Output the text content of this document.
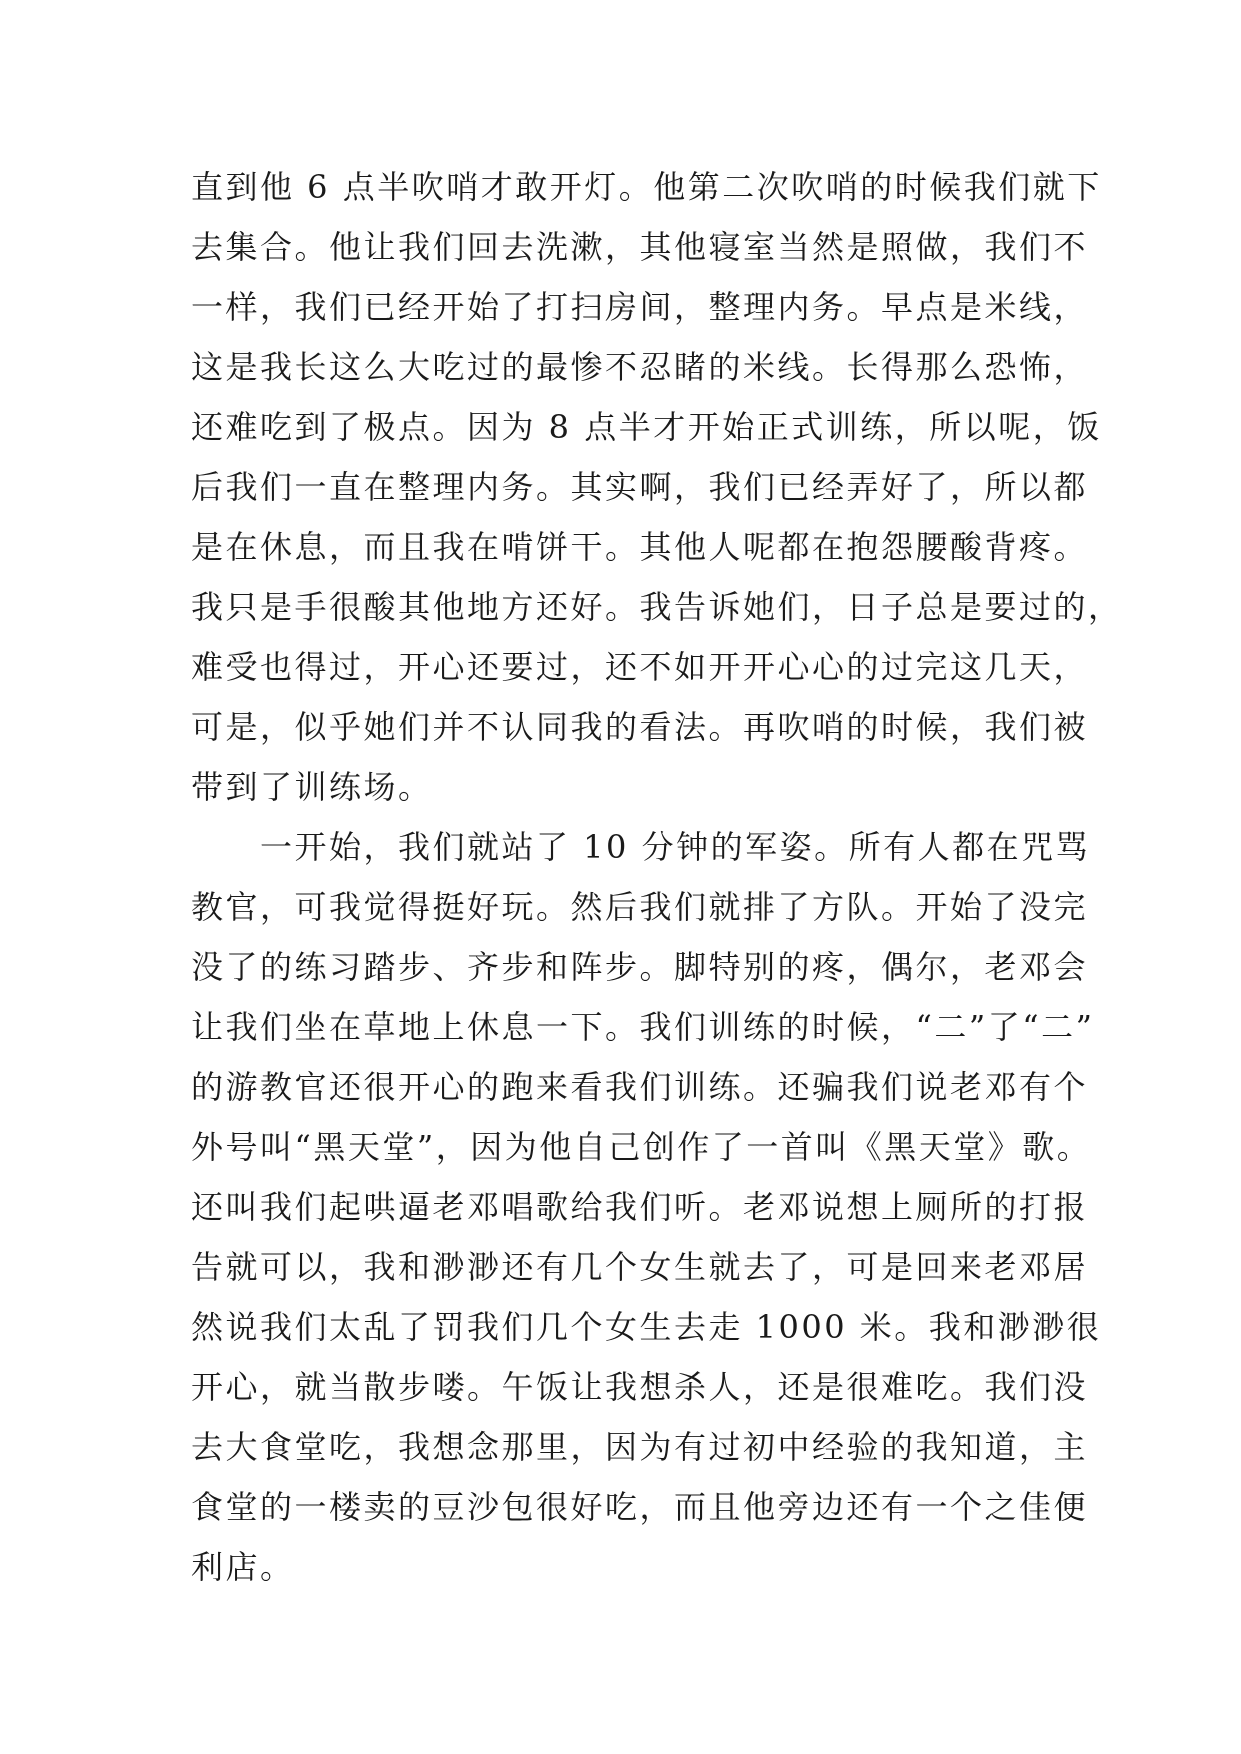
直到他 6 点半吹哨才敢开灯。他第二次吹哨的时候我们就下
去集合。他让我们回去洗漱，其他寝室当然是照做，我们不
一样，我们已经开始了打扫房间，整理内务。早点是米线，
这是我长这么大吃过的最惨不忍睹的米线。长得那么恐怖，
还难吃到了极点。因为 8 点半才开始正式训练，所以呢，饭
后我们一直在整理内务。其实啊，我们已经弄好了，所以都
是在休息，而且我在啃饼干。其他人呢都在抱怨腰酸背疼。
我只是手很酸其他地方还好。我告诉她们，日子总是要过的，
难受也得过，开心还要过，还不如开开心心的过完这几天，
可是，似乎她们并不认同我的看法。再吹哨的时候，我们被
带到了训练场。
一开始，我们就站了 10 分钟的军姿。所有人都在咒骂
教官，可我觉得挺好玩。然后我们就排了方队。开始了没完
没了的练习踏步、齐步和阵步。脚特别的疼，偶尔，老邓会
让我们坐在草地上休息一下。我们训练的时候，“二”了“二”
的游教官还很开心的跑来看我们训练。还骗我们说老邓有个
外号叫“黑天堂”，因为他自己创作了一首叫《黑天堂》歌。
还叫我们起哄逼老邓唱歌给我们听。老邓说想上厕所的打报
告就可以，我和渺渺还有几个女生就去了，可是回来老邓居
然说我们太乱了罚我们几个女生去走 1000 米。我和渺渺很
开心，就当散步喽。午饭让我想杀人，还是很难吃。我们没
去大食堂吃，我想念那里，因为有过初中经验的我知道，主
食堂的一楼卖的豆沙包很好吃，而且他旁边还有一个之佳便
利店。
